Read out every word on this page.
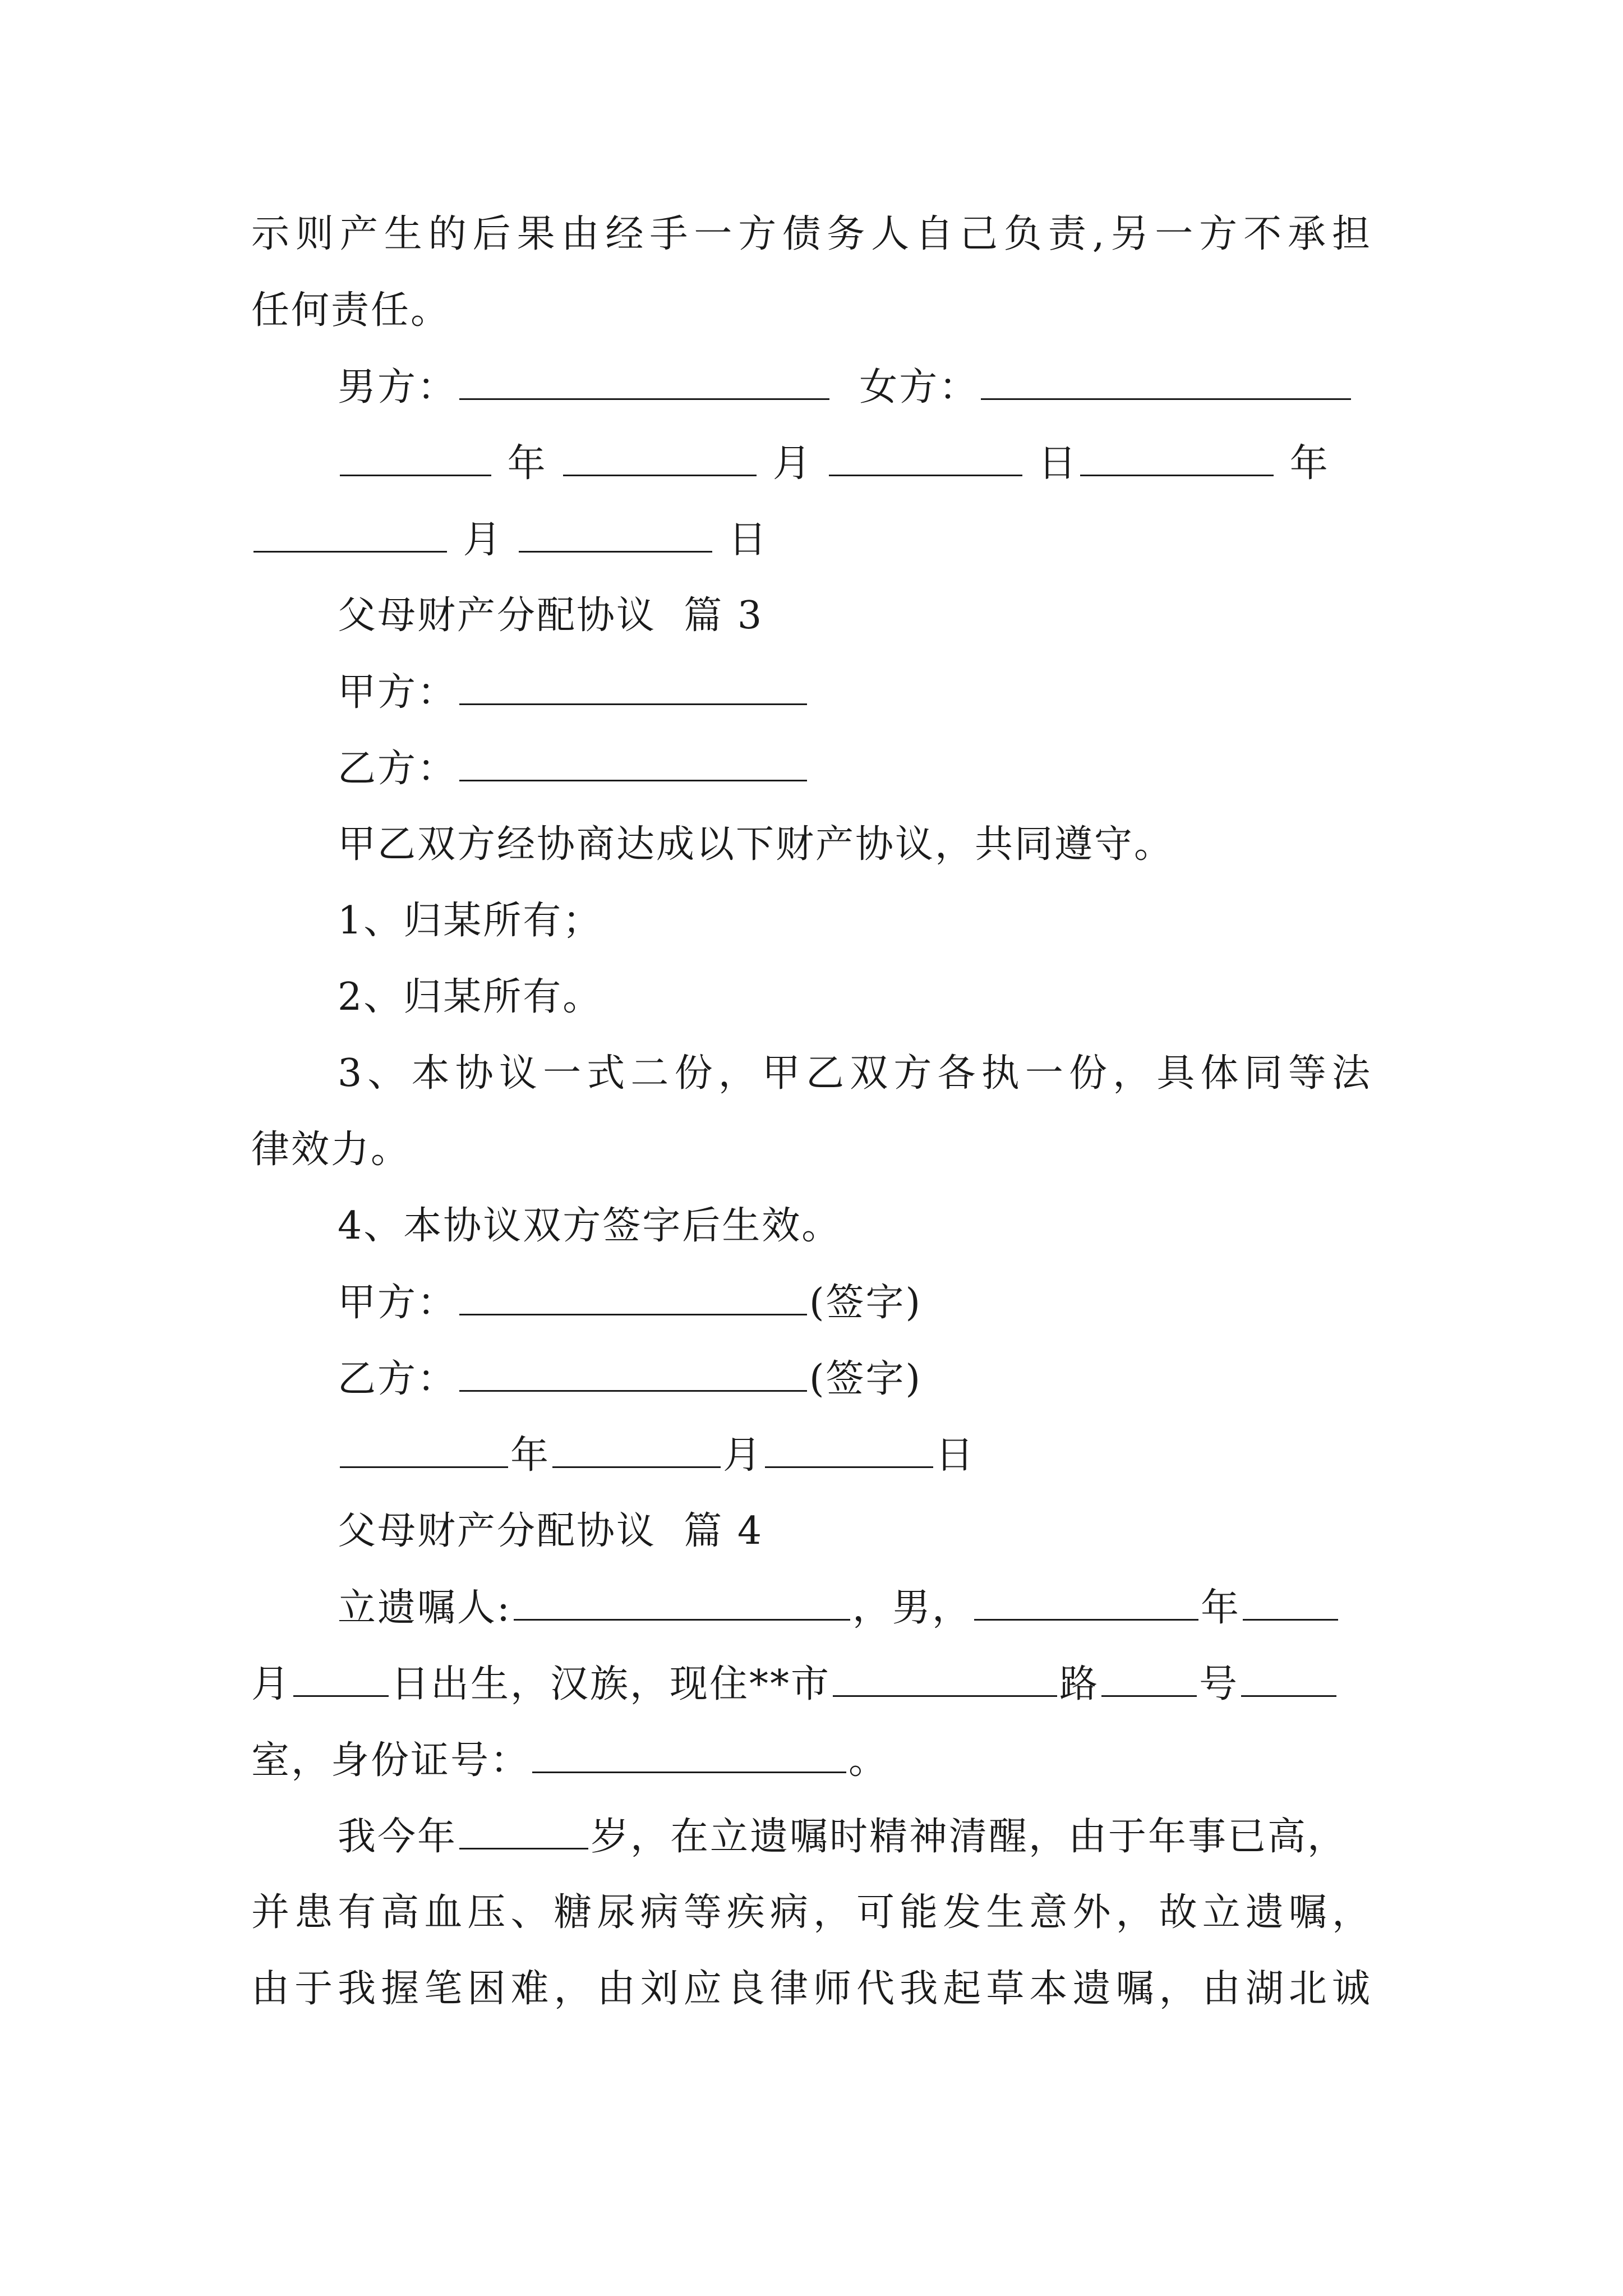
示则产生的后果由经手一方债务人自己负责,另一方不承担
任何责任。
男方：	女方：
年	月	日	年
月	日
父母财产分配协议  篇 3
甲方：
乙方：
甲乙双方经协商达成以下财产协议，共同遵守。
1、归某所有；
2、归某所有。
3、本协议一式二份，甲乙双方各执一份，具体同等法
律效力。
4、本协议双方签字后生效。
甲方：	(签字)
乙方：	(签字)
年	月	日
父母财产分配协议  篇 4
立遗嘱人:	，男，	年
月	日出生，汉族，现住**市	路	号
室，身份证号：	。
我今年	岁，在立遗嘱时精神清醒，由于年事已高，
并患有高血压、糖尿病等疾病，可能发生意外，故立遗嘱，
由于我握笔困难，由刘应良律师代我起草本遗嘱，由湖北诚
